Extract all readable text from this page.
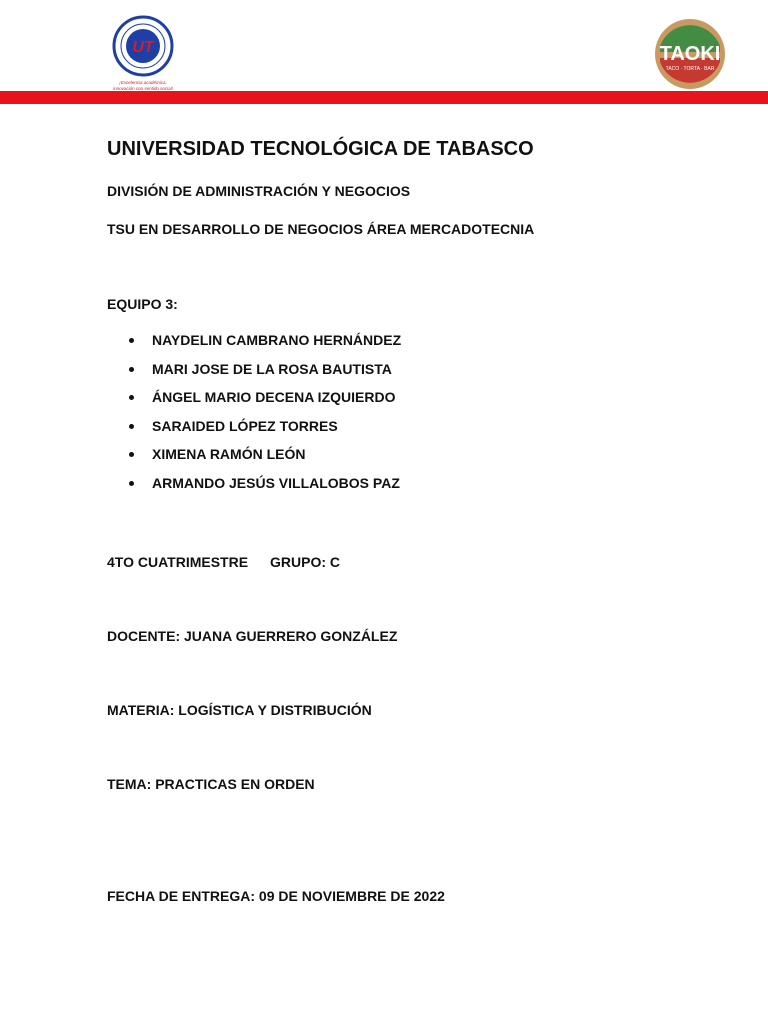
UT
¡Excelencia académica,
innovación con sentido social!
TAOKI
TACO · TORTA · BAR
UNIVERSIDAD TECNOLÓGICA DE TABASCO
DIVISIÓN DE ADMINISTRACIÓN Y NEGOCIOS
TSU EN DESARROLLO DE NEGOCIOS ÁREA MERCADOTECNIA
EQUIPO 3:
NAYDELIN CAMBRANO HERNÁNDEZ
MARI JOSE DE LA ROSA BAUTISTA
ÁNGEL MARIO DECENA IZQUIERDO
SARAIDED LÓPEZ TORRES
XIMENA RAMÓN LEÓN
ARMANDO JESÚS VILLALOBOS PAZ
4TO CUATRIMESTRE GRUPO: C
DOCENTE: JUANA GUERRERO GONZÁLEZ
MATERIA: LOGÍSTICA Y DISTRIBUCIÓN
TEMA: PRACTICAS EN ORDEN
FECHA DE ENTREGA: 09 DE NOVIEMBRE DE 2022
